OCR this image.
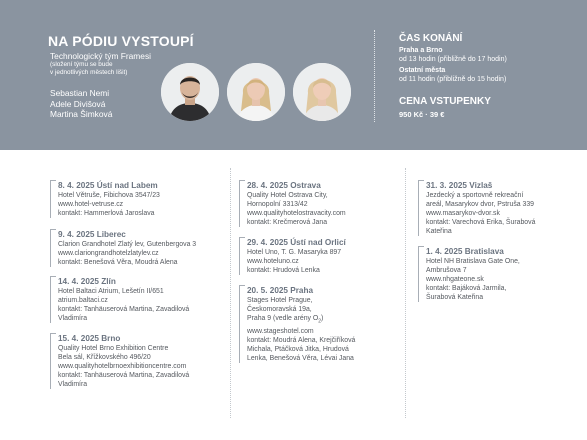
NA PÓDIU VYSTOUPÍ
Technologický tým Framesi
(složení týmu se bude
v jednotlivých městech lišit)
Sebastian Nemi
Adele Divišová
Martina Šimková
ČAS KONÁNÍ
Praha a Brno
od 13 hodin (přibližně do 17 hodin)
Ostatní města
od 11 hodin (přibližně do 15 hodin)
CENA VSTUPENKY
950 Kč · 39 €
8. 4. 2025 Ústí nad Labem
Hotel Větruše, Fibichova 3547/23
www.hotel-vetruse.cz
kontakt: Hammerlová Jaroslava
9. 4. 2025 Liberec
Clarion Grandhotel Zlatý lev, Gutenbergova 3
www.clariongrandhotelzlatylev.cz
kontakt: Benešová Věra, Moudrá Alena
14. 4. 2025 Zlín
Hotel Baltaci Atrium, Lešetín II/651
atrium.baltaci.cz
kontakt: Tanhäuserová Martina, Zavadilová
Vladimíra
15. 4. 2025 Brno
Quality Hotel Brno Exhibition Centre
Bela sál, Křížkovského 496/20
www.qualityhotelbrnoexhibitioncentre.com
kontakt: Tanhäuserová Martina, Zavadilová
Vladimíra
28. 4. 2025 Ostrava
Quality Hotel Ostrava City,
Hornopolní 3313/42
www.qualityhotelostravacity.com
kontakt: Krečmerová Jana
29. 4. 2025 Ústí nad Orlicí
Hotel Uno, T. G. Masaryka 897
www.hoteluno.cz
kontakt: Hrudová Lenka
20. 5. 2025 Praha
Stages Hotel Prague,
Českomoravská 19a,
Praha 9 (vedle arény $O_2$)
www.stageshotel.com
kontakt: Moudrá Alena, Krejčiříková
Michala, Ptáčková Jitka, Hrudová
Lenka, Benešová Věra, Lévai Jana
31. 3. 2025 Vizlaš
Jezdecký a sportovně rekreační
areál, Masarykov dvor, Pstruša 339
www.masarykov-dvor.sk
kontakt: Varechová Erika, Šurabová
Kateřina
1. 4. 2025 Bratislava
Hotel NH Bratislava Gate One,
Ambrušova 7
www.nhgateone.sk
kontakt: Bajáková Jarmila,
Šurabová Kateřina
